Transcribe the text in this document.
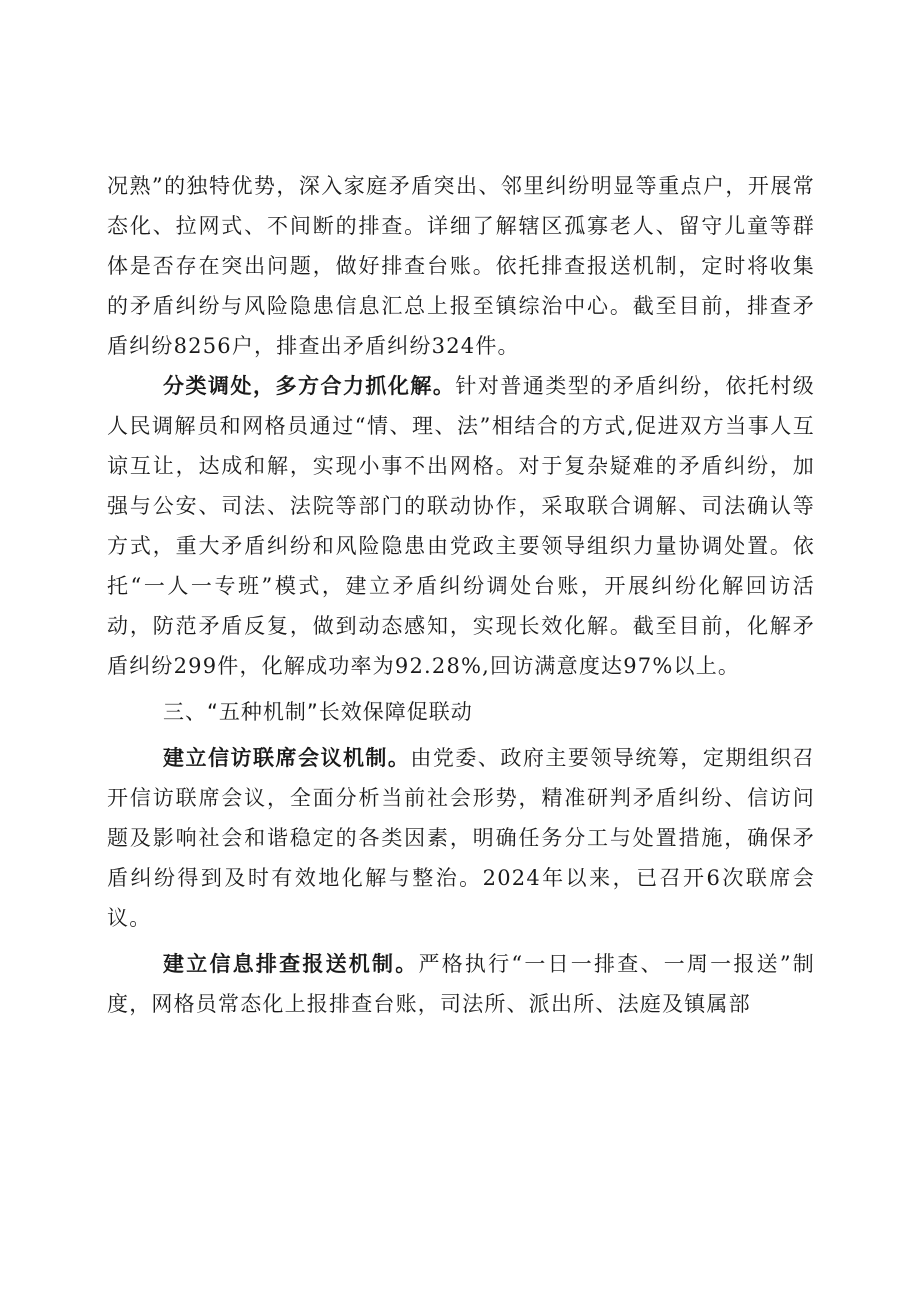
况熟”的独特优势，深入家庭矛盾突出、邻里纠纷明显等重点户，开展常态化、拉网式、不间断的排查。详细了解辖区孤寡老人、留守儿童等群体是否存在突出问题，做好排查台账。依托排查报送机制，定时将收集的矛盾纠纷与风险隐患信息汇总上报至镇综治中心。截至目前，排查矛盾纠纷8256户，排查出矛盾纠纷324件。

分类调处，多方合力抓化解。针对普通类型的矛盾纠纷，依托村级人民调解员和网格员通过“情、理、法”相结合的方式,促进双方当事人互谅互让，达成和解，实现小事不出网格。对于复杂疑难的矛盾纠纷，加强与公安、司法、法院等部门的联动协作，采取联合调解、司法确认等方式，重大矛盾纠纷和风险隐患由党政主要领导组织力量协调处置。依托“一人一专班”模式，建立矛盾纠纷调处台账，开展纠纷化解回访活动，防范矛盾反复，做到动态感知，实现长效化解。截至目前，化解矛盾纠纷299件，化解成功率为92.28%,回访满意度达97%以上。

三、“五种机制”长效保障促联动

建立信访联席会议机制。由党委、政府主要领导统筹，定期组织召开信访联席会议，全面分析当前社会形势，精准研判矛盾纠纷、信访问题及影响社会和谐稳定的各类因素，明确任务分工与处置措施，确保矛盾纠纷得到及时有效地化解与整治。2024年以来，已召开6次联席会议。

建立信息排查报送机制。严格执行“一日一排查、一周一报送”制度，网格员常态化上报排查台账，司法所、派出所、法庭及镇属部
